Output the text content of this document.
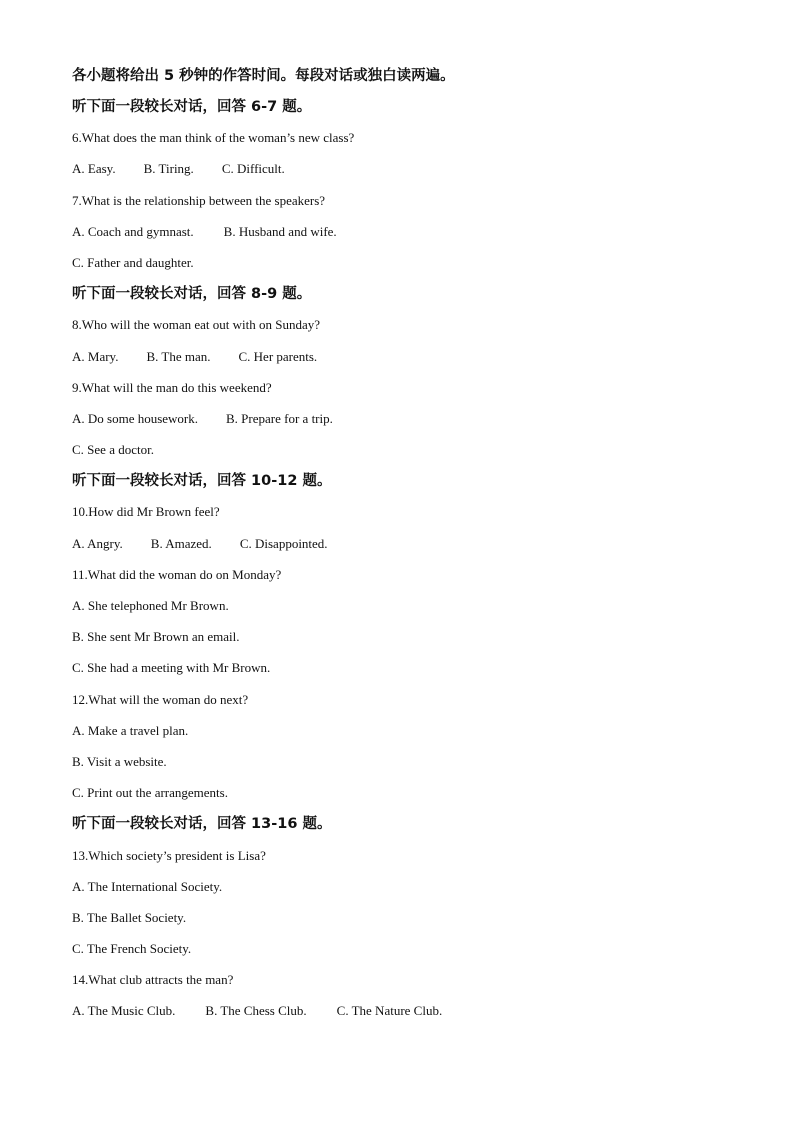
各小题将给出 5 秒钟的作答时间。每段对话或独白读两遍。
听下面一段较长对话，回答 6-7 题。
6.What does the man think of the woman’s new class?
A. Easy. B. Tiring. C. Difficult.
7.What is the relationship between the speakers?
A. Coach and gymnast. B. Husband and wife.
C. Father and daughter.
听下面一段较长对话，回答 8-9 题。
8.Who will the woman eat out with on Sunday?
A. Mary. B. The man. C. Her parents.
9.What will the man do this weekend?
A. Do some housework. B. Prepare for a trip.
C. See a doctor.
听下面一段较长对话，回答 10-12 题。
10.How did Mr Brown feel?
A. Angry. B. Amazed. C. Disappointed.
11.What did the woman do on Monday?
A. She telephoned Mr Brown.
B. She sent Mr Brown an email.
C. She had a meeting with Mr Brown.
12.What will the woman do next?
A. Make a travel plan.
B. Visit a website.
C. Print out the arrangements.
听下面一段较长对话，回答 13-16 题。
13.Which society’s president is Lisa?
A. The International Society.
B. The Ballet Society.
C. The French Society.
14.What club attracts the man?
A. The Music Club. B. The Chess Club. C. The Nature Club.
